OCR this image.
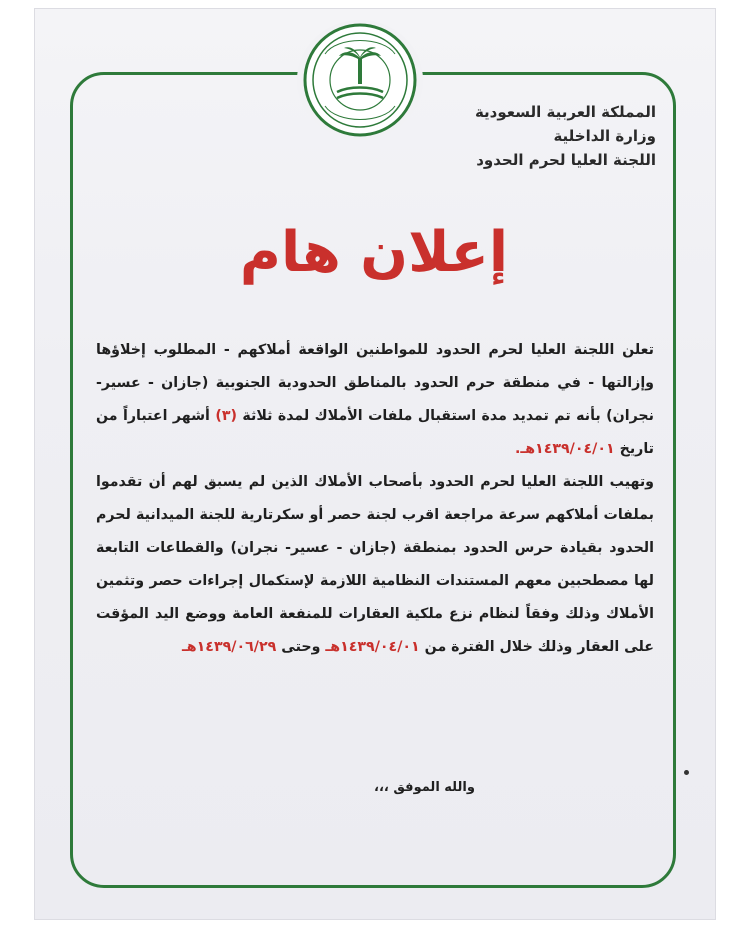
المملكة العربية السعودية
وزارة الداخلية
اللجنة العليا لحرم الحدود
إعلان هام

تعلن اللجنة العليا لحرم الحدود للمواطنين الواقعة أملاكهم - المطلوب إخلاؤها وإزالتها - في منطقة حرم الحدود بالمناطق الحدودية الجنوبية (جازان - عسير- نجران) بأنه تم تمديد مدة استقبال ملفات الأملاك لمدة ثلاثة (٣) أشهر اعتباراً من تاريخ ١٤٣٩/٠٤/٠١هـ.

وتهيب اللجنة العليا لحرم الحدود بأصحاب الأملاك الذين لم يسبق لهم أن تقدموا بملفات أملاكهم سرعة مراجعة اقرب لجنة حصر أو سكرتارية للجنة الميدانية لحرم الحدود بقيادة حرس الحدود بمنطقة (جازان - عسير- نجران) والقطاعات التابعة لها مصطحبين معهم المستندات النظامية اللازمة لإستكمال إجراءات حصر وتثمين الأملاك وذلك وفقاً لنظام نزع ملكية العقارات للمنفعة العامة ووضع اليد المؤقت على العقار وذلك خلال الفترة من ١٤٣٩/٠٤/٠١هـ وحتى ١٤٣٩/٠٦/٢٩هـ

والله الموفق ،،،
